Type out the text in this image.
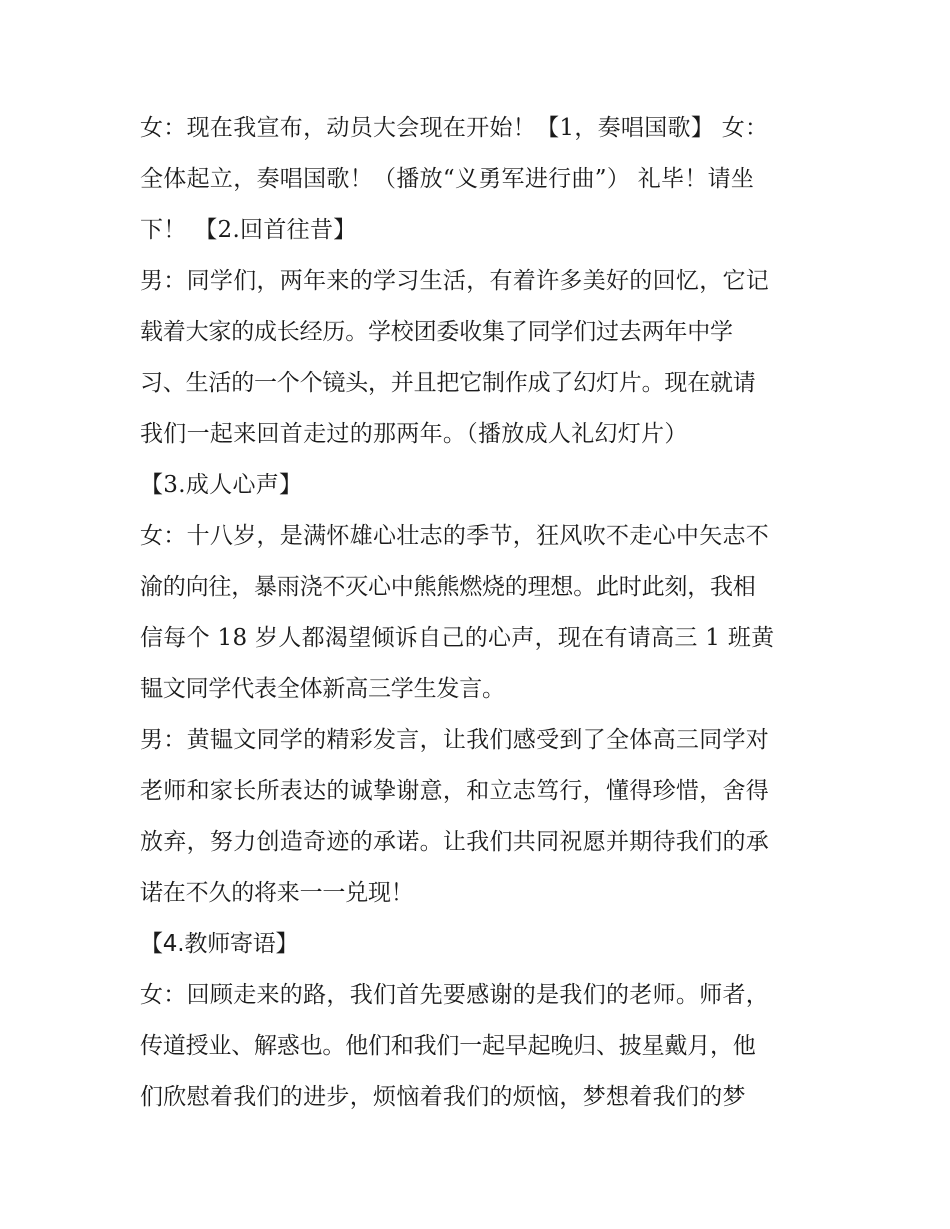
女：现在我宣布，动员大会现在开始！【1，奏唱国歌】 女：
全体起立，奏唱国歌！（播放“义勇军进行曲”） 礼毕！请坐
下！ 【2.回首往昔】
男：同学们，两年来的学习生活，有着许多美好的回忆，它记
载着大家的成长经历。学校团委收集了同学们过去两年中学
习、生活的一个个镜头，并且把它制作成了幻灯片。现在就请
我们一起来回首走过的那两年。（播放成人礼幻灯片）
【3.成人心声】
女：十八岁，是满怀雄心壮志的季节，狂风吹不走心中矢志不
渝的向往，暴雨浇不灭心中熊熊燃烧的理想。此时此刻，我相
信每个 18 岁人都渴望倾诉自己的心声，现在有请高三 1 班黄
韫文同学代表全体新高三学生发言。
男：黄韫文同学的精彩发言，让我们感受到了全体高三同学对
老师和家长所表达的诚挚谢意，和立志笃行，懂得珍惜，舍得
放弃，努力创造奇迹的承诺。让我们共同祝愿并期待我们的承
诺在不久的将来一一兑现！
【4.教师寄语】
女：回顾走来的路，我们首先要感谢的是我们的老师。师者，
传道授业、解惑也。他们和我们一起早起晚归、披星戴月，他
们欣慰着我们的进步，烦恼着我们的烦恼，梦想着我们的梦
